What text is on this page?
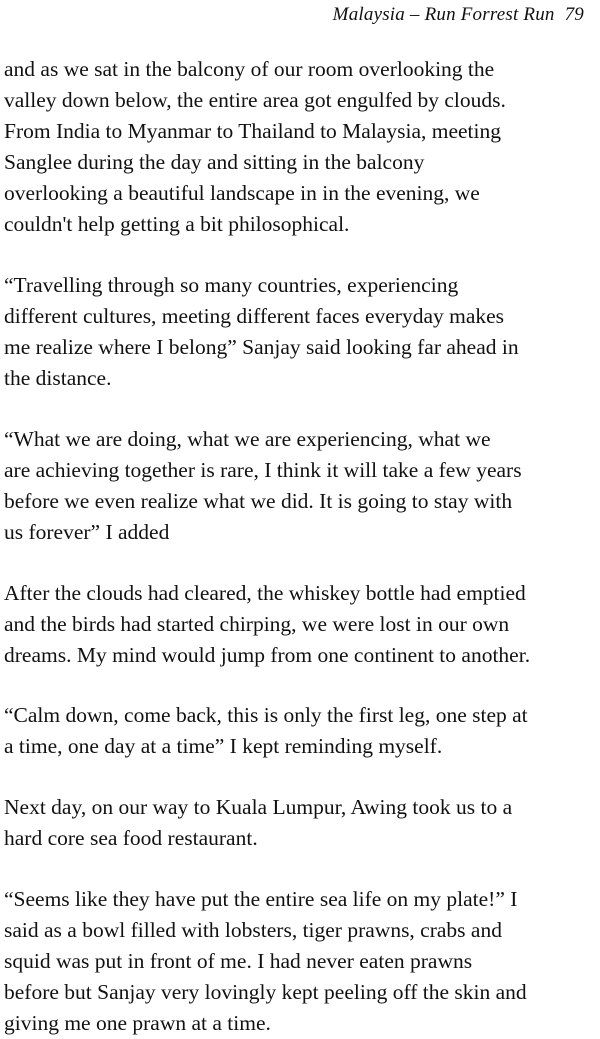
Malaysia – Run Forrest Run 79

and as we sat in the balcony of our room overlooking the
valley down below, the entire area got engulfed by clouds.
From India to Myanmar to Thailand to Malaysia, meeting
Sanglee during the day and sitting in the balcony
overlooking a beautiful landscape in in the evening, we
couldn't help getting a bit philosophical.

“Travelling through so many countries, experiencing
different cultures, meeting different faces everyday makes
me realize where I belong” Sanjay said looking far ahead in
the distance.

“What we are doing, what we are experiencing, what we
are achieving together is rare, I think it will take a few years
before we even realize what we did. It is going to stay with
us forever” I added

After the clouds had cleared, the whiskey bottle had emptied
and the birds had started chirping, we were lost in our own
dreams. My mind would jump from one continent to another.

“Calm down, come back, this is only the first leg, one step at
a time, one day at a time” I kept reminding myself.

Next day, on our way to Kuala Lumpur, Awing took us to a
hard core sea food restaurant.

“Seems like they have put the entire sea life on my plate!” I
said as a bowl filled with lobsters, tiger prawns, crabs and
squid was put in front of me. I had never eaten prawns
before but Sanjay very lovingly kept peeling off the skin and
giving me one prawn at a time.
